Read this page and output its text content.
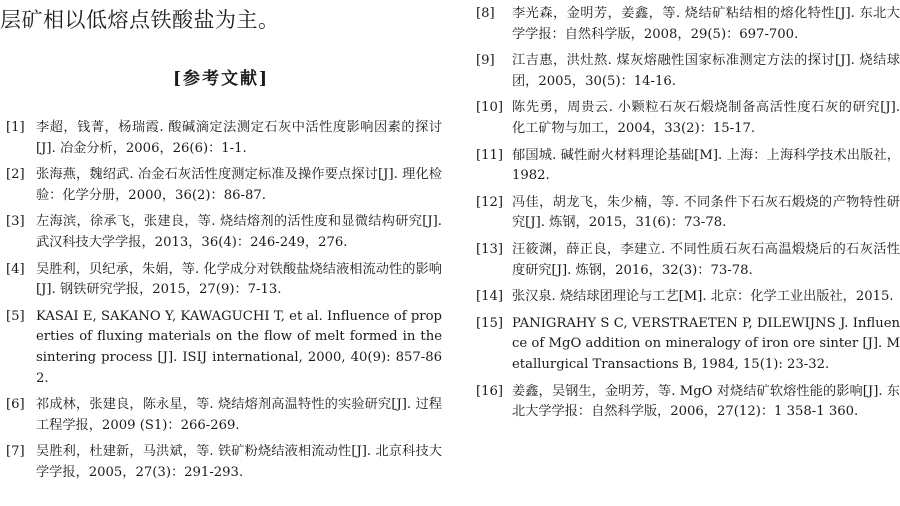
层矿相以低熔点铁酸盐为主。
[参考文献]
[1] 李超，钱菁，杨瑞霞. 酸碱滴定法测定石灰中活性度影响因素的探讨[J]. 冶金分析，2006，26(6)：1-1.
[2] 张海燕，魏绍武. 冶金石灰活性度测定标准及操作要点探讨[J]. 理化检验：化学分册，2000，36(2)：86-87.
[3] 左海滨，徐承飞，张建良，等. 烧结熔剂的活性度和显微结构研究[J]. 武汉科技大学学报，2013，36(4)：246-249，276.
[4] 吴胜利，贝纪承，朱娟，等. 化学成分对铁酸盐烧结液相流动性的影响[J]. 钢铁研究学报，2015，27(9)：7-13.
[5] KASAI E, SAKANO Y, KAWAGUCHI T, et al. Influence of properties of fluxing materials on the flow of melt formed in the sintering process [J]. ISIJ international, 2000, 40(9): 857-862.
[6] 祁成林，张建良，陈永星，等. 烧结熔剂高温特性的实验研究[J]. 过程工程学报，2009 (S1)：266-269.
[7] 吴胜利，杜建新，马洪斌，等. 铁矿粉烧结液相流动性[J]. 北京科技大学学报，2005，27(3)：291-293.
[8]	李光森，金明芳，姜鑫，等. 烧结矿粘结相的熔化特性[J]. 东北大学学报：自然科学版，2008，29(5)：697-700.
[9]	江吉惠，洪灶熬. 煤灰熔融性国家标准测定方法的探讨[J]. 烧结球团，2005，30(5)：14-16.
[10] 陈先勇，周贵云. 小颗粒石灰石煅烧制备高活性度石灰的研究[J]. 化工矿物与加工，2004，33(2)：15-17.
[11] 郁国城. 碱性耐火材料理论基础[M]. 上海：上海科学技术出版社，1982.
[12] 冯佳，胡龙飞，朱少楠，等. 不同条件下石灰石煅烧的产物特性研究[J]. 炼钢，2015，31(6)：73-78.
[13] 汪筱渊，薛正良，李建立. 不同性质石灰石高温煅烧后的石灰活性度研究[J]. 炼钢，2016，32(3)：73-78.
[14] 张汉泉. 烧结球团理论与工艺[M]. 北京：化学工业出版社，2015.
[15] PANIGRAHY S C, VERSTRAETEN P, DILEWIJNS J. Influence of MgO addition on mineralogy of iron ore sinter [J]. Metallurgical Transactions B, 1984, 15(1): 23-32.
[16] 姜鑫，吴钢生，金明芳，等. MgO 对烧结矿软熔性能的影响[J]. 东北大学学报：自然科学版，2006，27(12)：1 358-1 360.
